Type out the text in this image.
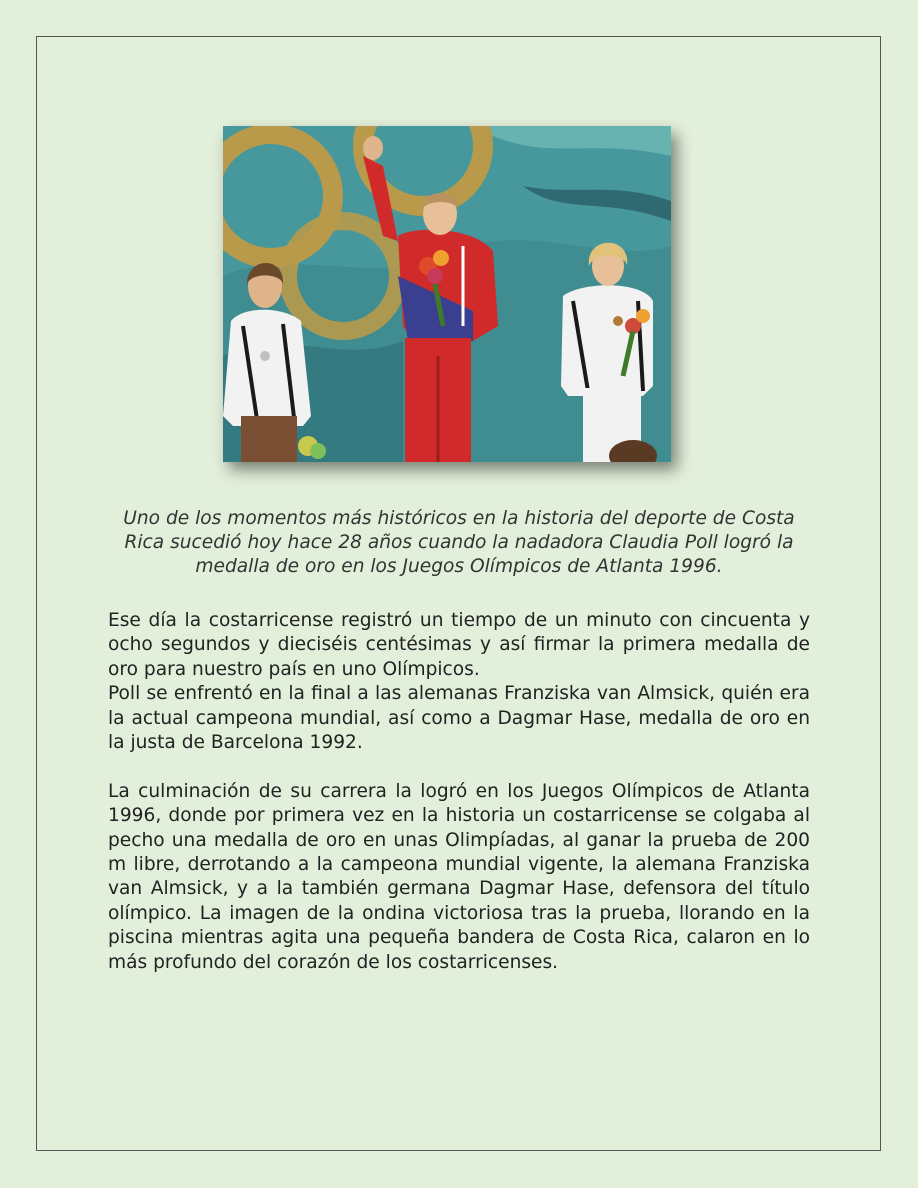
Uno de los momentos más históricos en la historia del deporte de Costa Rica sucedió hoy hace 28 años cuando la nadadora Claudia Poll logró la medalla de oro en los Juegos Olímpicos de Atlanta 1996.

Ese día la costarricense registró un tiempo de un minuto con cincuenta y ocho segundos y dieciséis centésimas y así firmar la primera medalla de oro para nuestro país en uno Olímpicos.

Poll se enfrentó en la final a las alemanas Franziska van Almsick, quién era la actual campeona mundial, así como a Dagmar Hase, medalla de oro en la justa de Barcelona 1992.

La culminación de su carrera la logró en los Juegos Olímpicos de Atlanta 1996, donde por primera vez en la historia un costarricense se colgaba al pecho una medalla de oro en unas Olimpíadas, al ganar la prueba de 200 m libre, derrotando a la campeona mundial vigente, la alemana Franziska van Almsick, y a la también germana Dagmar Hase, defensora del título olímpico. La imagen de la ondina victoriosa tras la prueba, llorando en la piscina mientras agita una pequeña bandera de Costa Rica, calaron en lo más profundo del corazón de los costarricenses.
